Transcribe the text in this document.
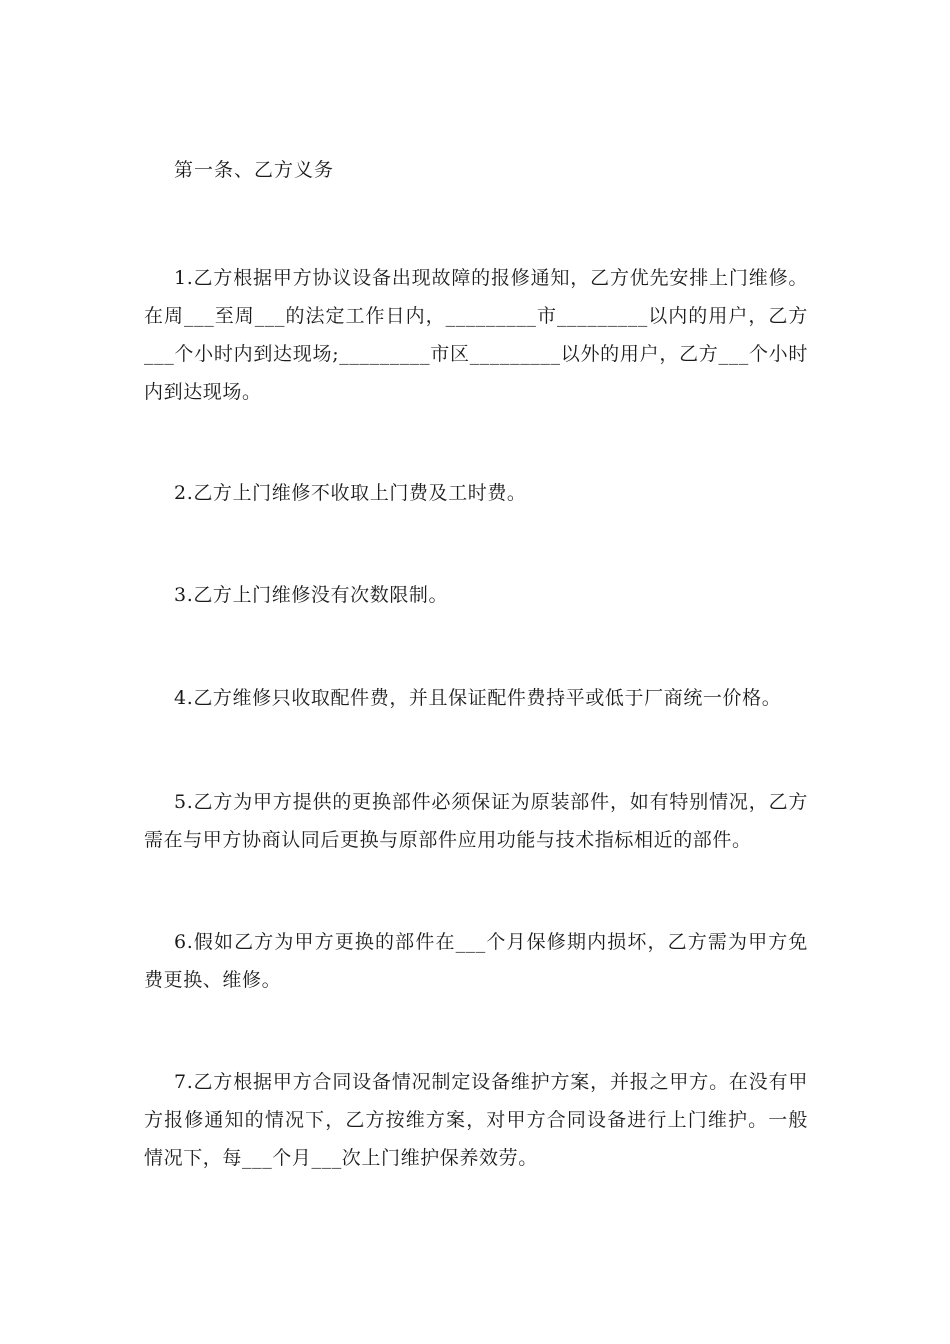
第一条、乙方义务
1.乙方根据甲方协议设备出现故障的报修通知，乙方优先安排上门维修。在周___至周___的法定工作日内，_________市_________以内的用户，乙方___个小时内到达现场;_________市区_________以外的用户，乙方___个小时内到达现场。
2.乙方上门维修不收取上门费及工时费。
3.乙方上门维修没有次数限制。
4.乙方维修只收取配件费，并且保证配件费持平或低于厂商统一价格。
5.乙方为甲方提供的更换部件必须保证为原装部件，如有特别情况，乙方需在与甲方协商认同后更换与原部件应用功能与技术指标相近的部件。
6.假如乙方为甲方更换的部件在___个月保修期内损坏，乙方需为甲方免费更换、维修。
7.乙方根据甲方合同设备情况制定设备维护方案，并报之甲方。在没有甲方报修通知的情况下，乙方按维方案，对甲方合同设备进行上门维护。一般情况下，每___个月___次上门维护保养效劳。
